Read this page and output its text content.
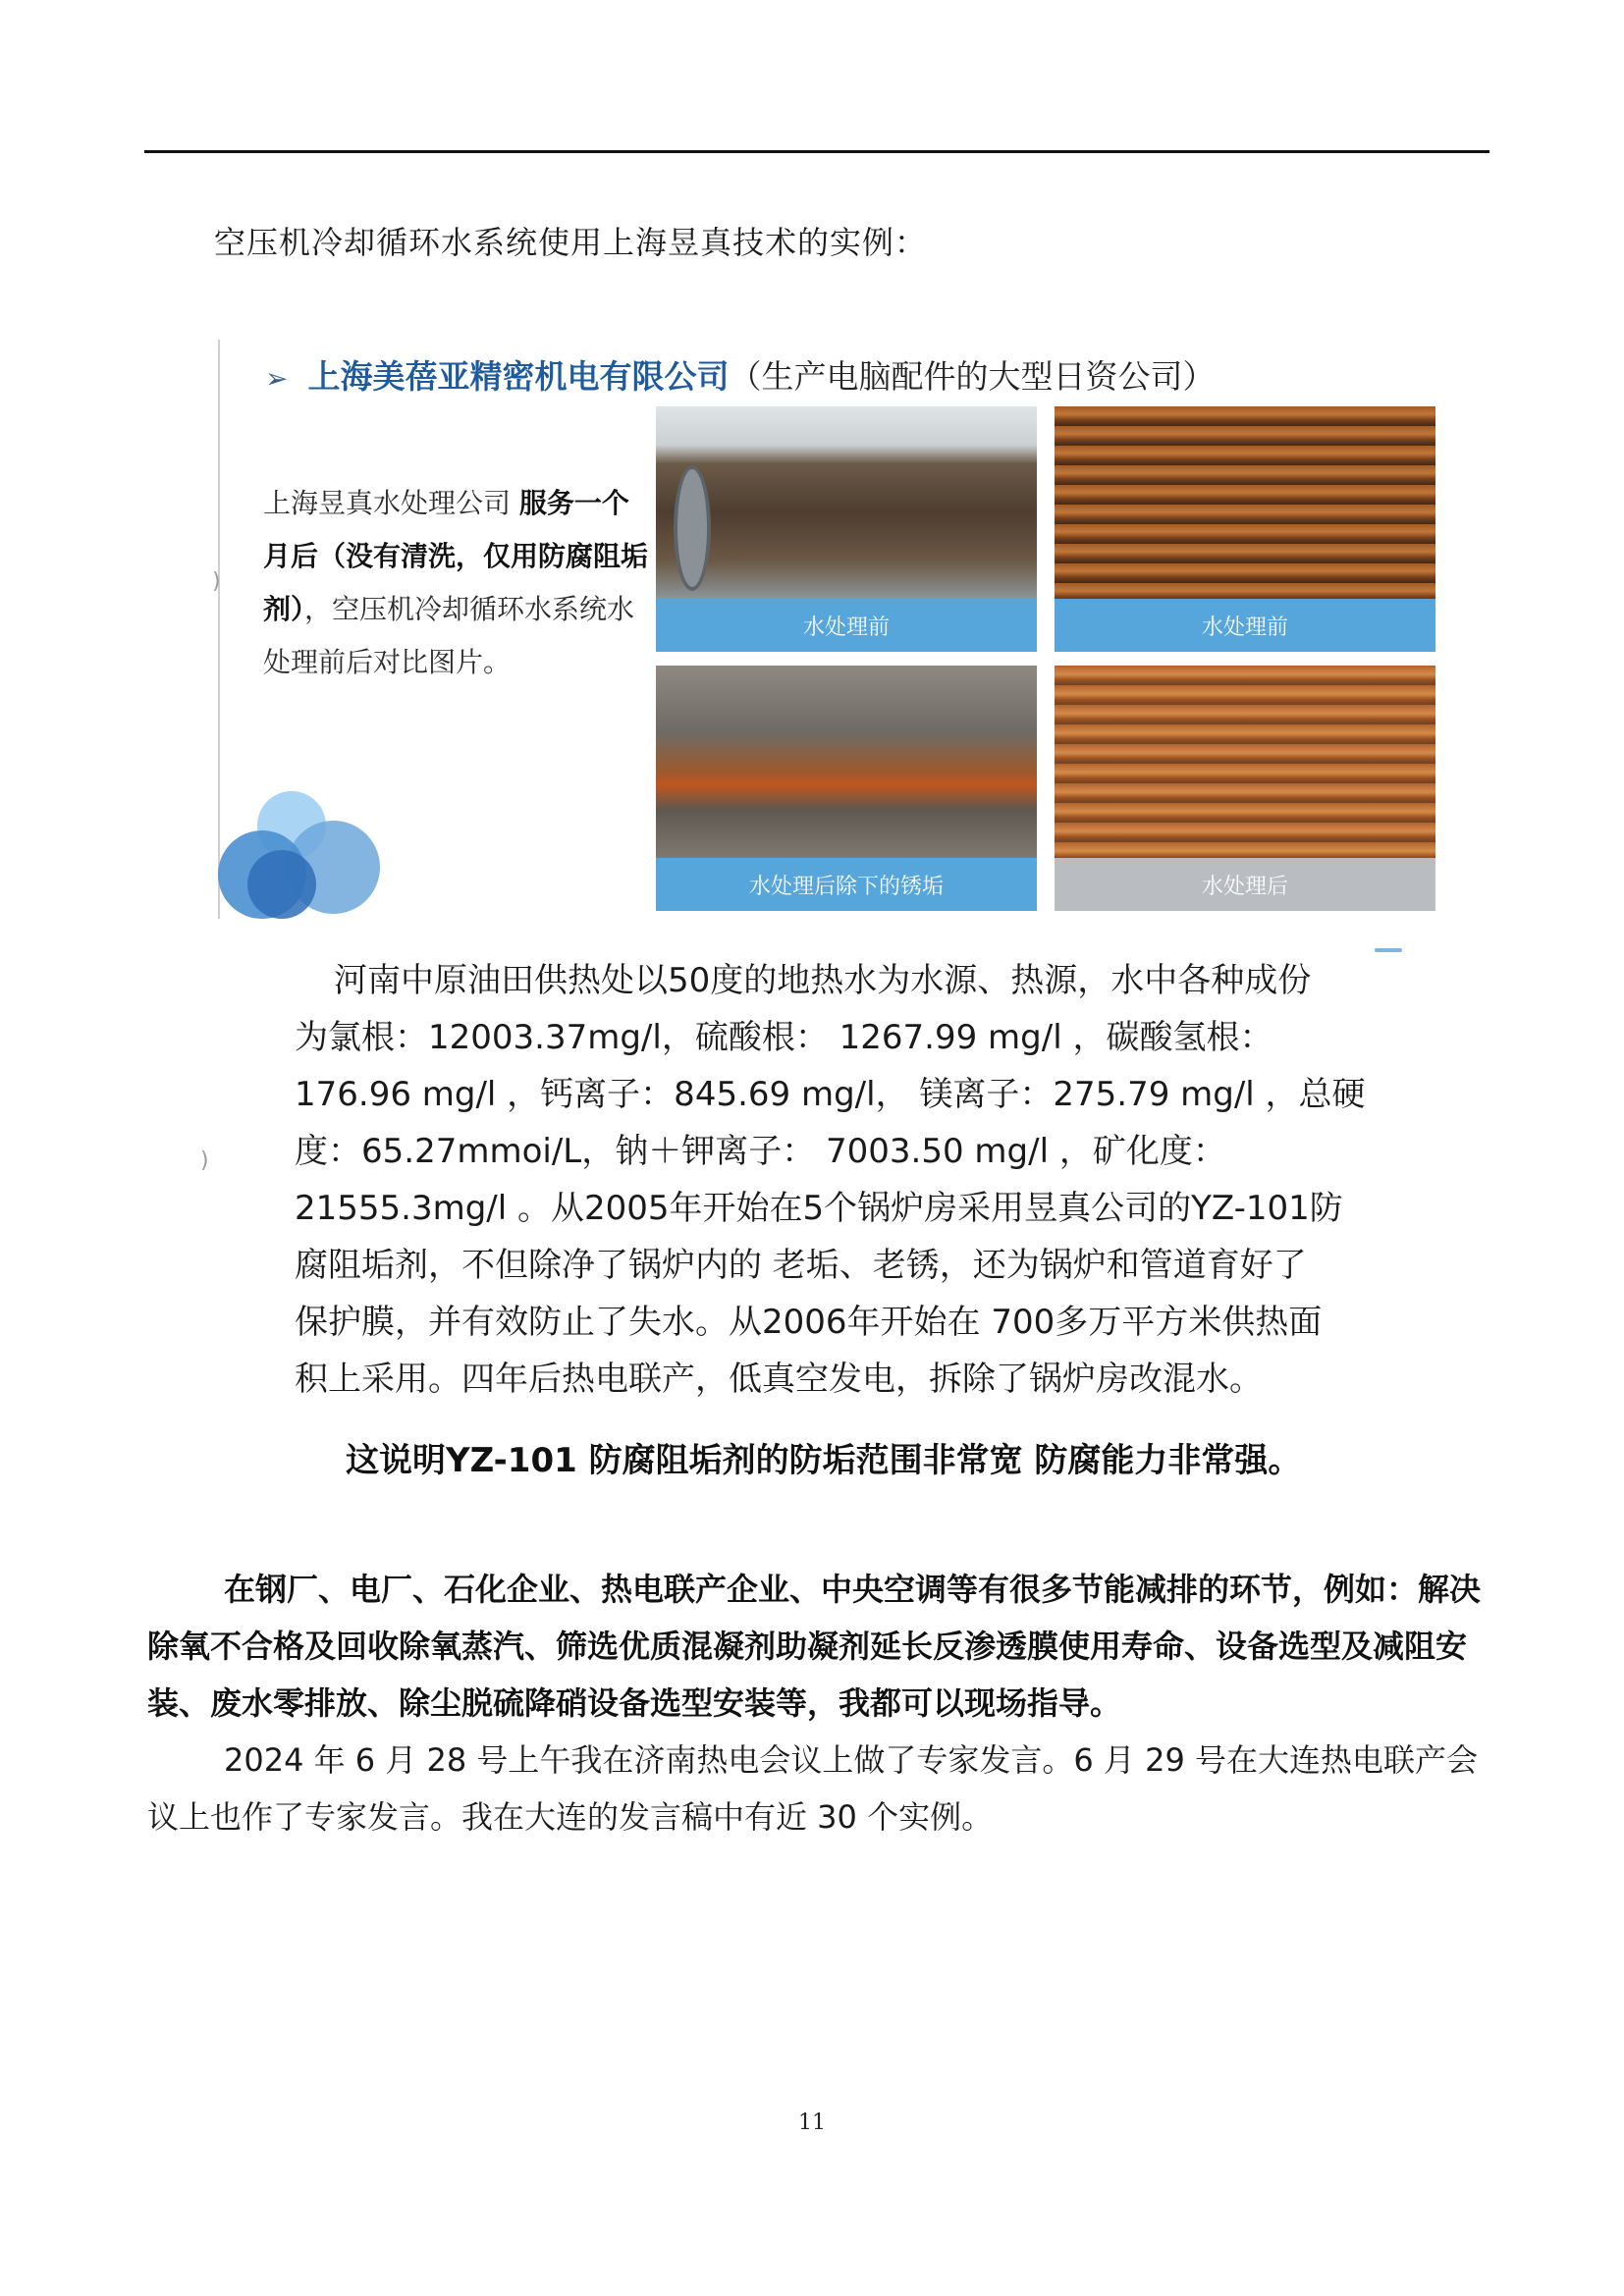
空压机冷却循环水系统使用上海昱真技术的实例：
➢ 上海美蓓亚精密机电有限公司（生产电脑配件的大型日资公司）
上海昱真水处理公司 服务一个月后（没有清洗，仅用防腐阻垢剂），空压机冷却循环水系统水处理前后对比图片。
)
水处理前	水处理前
水处理后除下的锈垢	水处理后
)
河南中原油田供热处以50度的地热水为水源、热源，水中各种成份
为氯根：12003.37mg/l，硫酸根： 1267.99 mg/l ，碳酸氢根：
176.96 mg/l ，钙离子：845.69 mg/l， 镁离子：275.79 mg/l ，总硬
度：65.27mmoi/L，钠＋钾离子： 7003.50 mg/l ，矿化度：
21555.3mg/l 。从2005年开始在5个锅炉房采用昱真公司的YZ-101防
腐阻垢剂，不但除净了锅炉内的 老垢、老锈，还为锅炉和管道育好了
保护膜，并有效防止了失水。从2006年开始在 700多万平方米供热面
积上采用。四年后热电联产，低真空发电，拆除了锅炉房改混水。
这说明YZ-101 防腐阻垢剂的防垢范围非常宽 防腐能力非常强。
在钢厂、电厂、石化企业、热电联产企业、中央空调等有很多节能减排的环节，例如：解决除氧不合格及回收除氧蒸汽、筛选优质混凝剂助凝剂延长反渗透膜使用寿命、设备选型及减阻安装、废水零排放、除尘脱硫降硝设备选型安装等，我都可以现场指导。
2024 年 6 月 28 号上午我在济南热电会议上做了专家发言。6 月 29 号在大连热电联产会议上也作了专家发言。我在大连的发言稿中有近 30 个实例。
11
